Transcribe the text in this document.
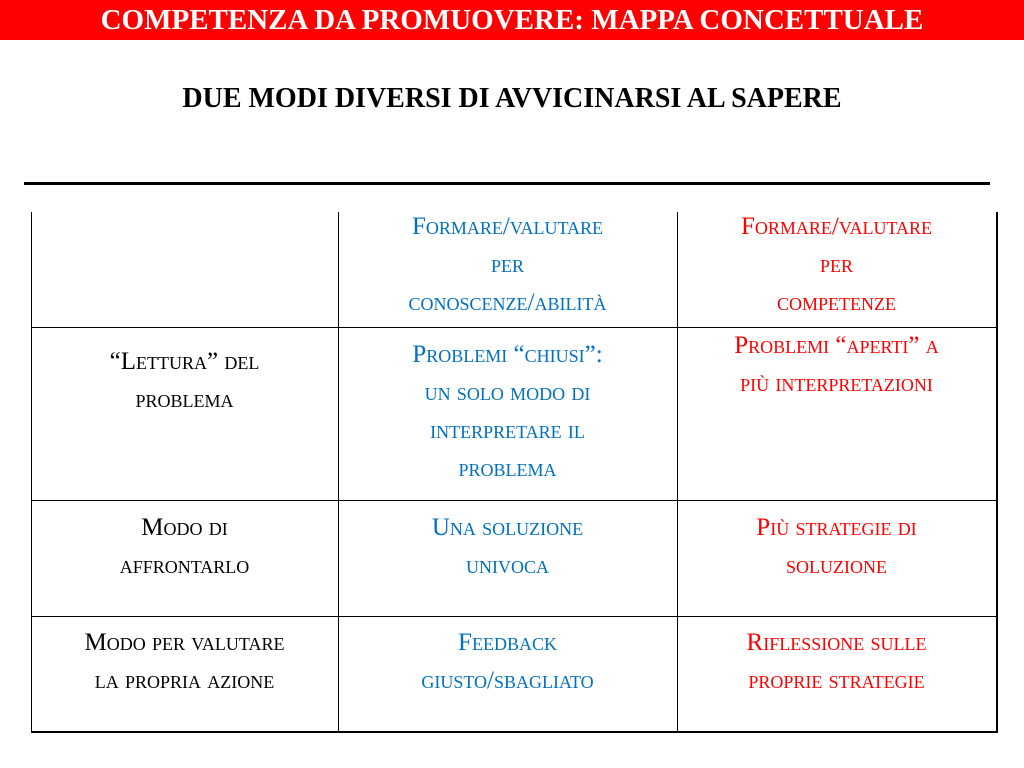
COMPETENZA DA PROMUOVERE: MAPPA CONCETTUALE
DUE MODI DIVERSI DI AVVICINARSI AL SAPERE
Formare/valutare
per
conoscenze/abilità
Formare/valutare
per
competenze
“Lettura” del
problema
Problemi “chiusi”:
un solo modo di
interpretare il
problema
Problemi “aperti” a
più interpretazioni
Modo di
affrontarlo
Una soluzione
univoca
Più strategie di
soluzione
Modo per valutare
la propria azione
Feedback
giusto/sbagliato
Riflessione sulle
proprie strategie
